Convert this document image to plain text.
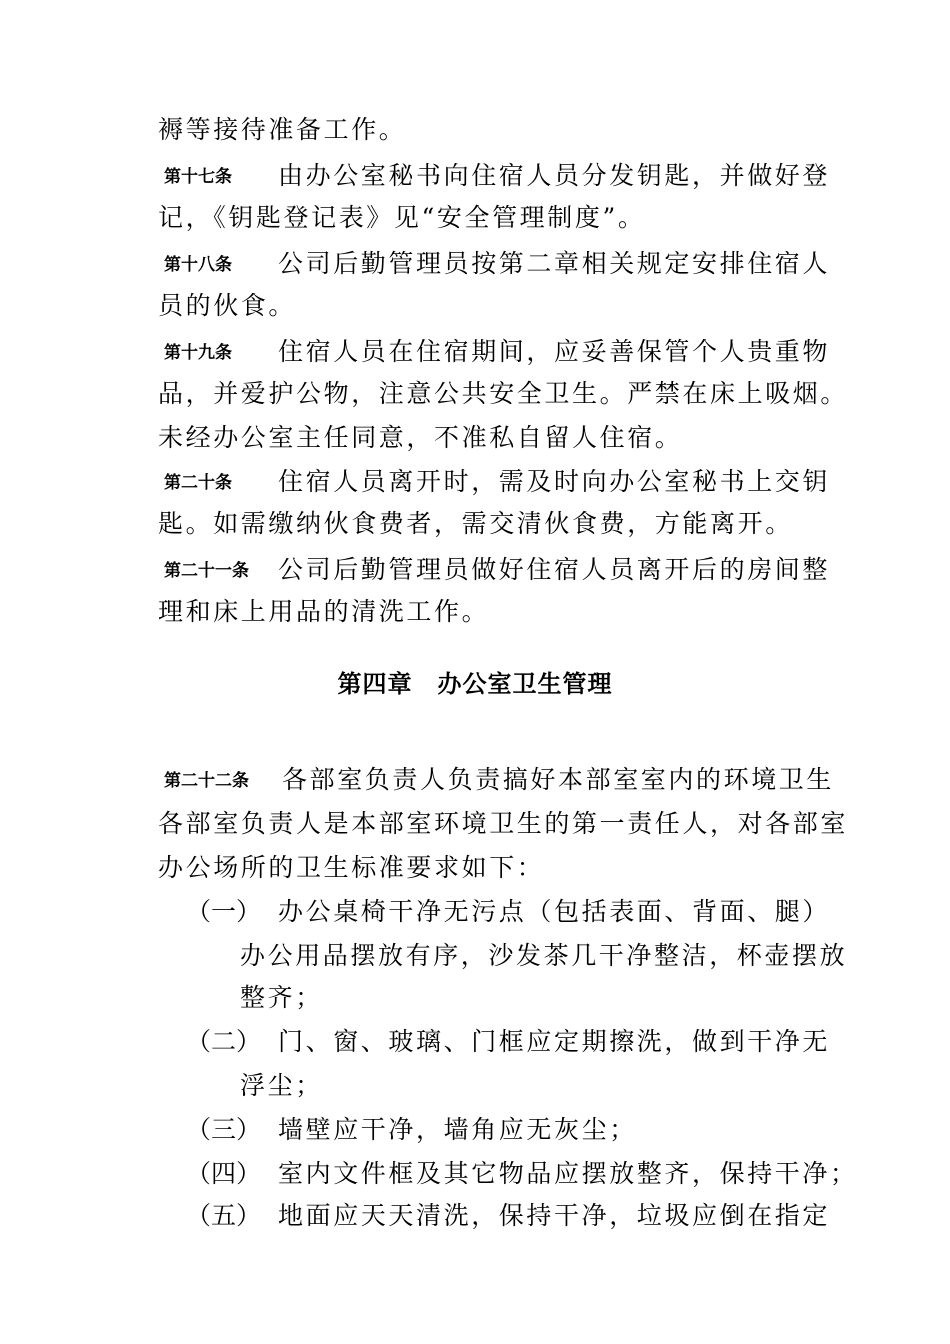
褥等接待准备工作。
第十七条 由办公室秘书向住宿人员分发钥匙，并做好登
记，《钥匙登记表》见“安全管理制度”。
第十八条 公司后勤管理员按第二章相关规定安排住宿人
员的伙食。
第十九条 住宿人员在住宿期间，应妥善保管个人贵重物
品，并爱护公物，注意公共安全卫生。严禁在床上吸烟。
未经办公室主任同意，不准私自留人住宿。
第二十条 住宿人员离开时，需及时向办公室秘书上交钥
匙。如需缴纳伙食费者，需交清伙食费，方能离开。
第二十一条 公司后勤管理员做好住宿人员离开后的房间整
理和床上用品的清洗工作。
第四章　办公室卫生管理
第二十二条 各部室负责人负责搞好本部室室内的环境卫生
各部室负责人是本部室环境卫生的第一责任人，对各部室
办公场所的卫生标准要求如下：
（一） 办公桌椅干净无污点（包括表面、背面、腿）
办公用品摆放有序，沙发茶几干净整洁，杯壶摆放
整齐；
（二） 门、窗、玻璃、门框应定期擦洗，做到干净无
浮尘；
（三） 墙壁应干净，墙角应无灰尘；
（四） 室内文件框及其它物品应摆放整齐，保持干净；
（五） 地面应天天清洗，保持干净，垃圾应倒在指定
